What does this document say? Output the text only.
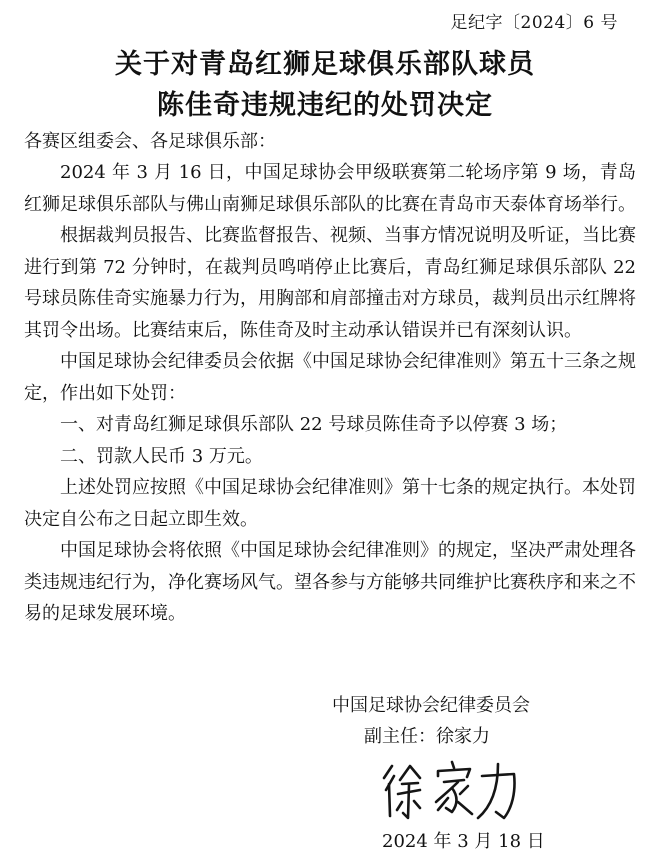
足纪字〔2024〕6 号
关于对青岛红狮足球俱乐部队球员
陈佳奇违规违纪的处罚决定
各赛区组委会、各足球俱乐部：

2024 年 3 月 16 日，中国足球协会甲级联赛第二轮场序第 9 场，青岛红狮足球俱乐部队与佛山南狮足球俱乐部队的比赛在青岛市天泰体育场举行。

根据裁判员报告、比赛监督报告、视频、当事方情况说明及听证，当比赛进行到第 72 分钟时，在裁判员鸣哨停止比赛后，青岛红狮足球俱乐部队 22 号球员陈佳奇实施暴力行为，用胸部和肩部撞击对方球员，裁判员出示红牌将其罚令出场。比赛结束后，陈佳奇及时主动承认错误并已有深刻认识。

中国足球协会纪律委员会依据《中国足球协会纪律准则》第五十三条之规定，作出如下处罚：

一、对青岛红狮足球俱乐部队 22 号球员陈佳奇予以停赛 3 场；

二、罚款人民币 3 万元。

上述处罚应按照《中国足球协会纪律准则》第十七条的规定执行。本处罚决定自公布之日起立即生效。

中国足球协会将依照《中国足球协会纪律准则》的规定，坚决严肃处理各类违规违纪行为，净化赛场风气。望各参与方能够共同维护比赛秩序和来之不易的足球发展环境。

中国足球协会纪律委员会
副主任：徐家力
2024 年 3 月 18 日
